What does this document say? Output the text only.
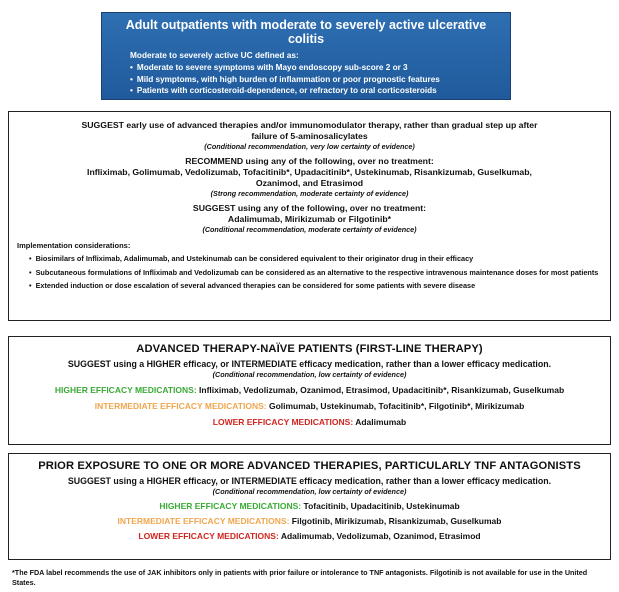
Adult outpatients with moderate to severely active ulcerative colitis
Moderate to severely active UC defined as:
• Moderate to severe symptoms with Mayo endoscopy sub-score 2 or 3
• Mild symptoms, with high burden of inflammation or poor prognostic features
• Patients with corticosteroid-dependence, or refractory to oral corticosteroids
SUGGEST early use of advanced therapies and/or immunomodulator therapy, rather than gradual step up after
failure of 5-aminosalicylates
(Conditional recommendation, very low certainty of evidence)
RECOMMEND using any of the following, over no treatment:
Infliximab, Golimumab, Vedolizumab, Tofacitinib*, Upadacitinib*, Ustekinumab, Risankizumab, Guselkumab,
Ozanimod, and Etrasimod
(Strong recommendation, moderate certainty of evidence)
SUGGEST using any of the following, over no treatment:
Adalimumab, Mirikizumab or Filgotinib*
(Conditional recommendation, moderate certainty of evidence)
Implementation considerations:
• Biosimilars of Infliximab, Adalimumab, and Ustekinumab can be considered equivalent to their originator drug in their efficacy
• Subcutaneous formulations of Infliximab and Vedolizumab can be considered as an alternative to the respective intravenous maintenance doses for most patients
• Extended induction or dose escalation of several advanced therapies can be considered for some patients with severe disease
ADVANCED THERAPY-NAÏVE PATIENTS (FIRST-LINE THERAPY)
SUGGEST using a HIGHER efficacy, or INTERMEDIATE efficacy medication, rather than a lower efficacy medication.
(Conditional recommendation, low certainty of evidence)
HIGHER EFFICACY MEDICATIONS: Infliximab, Vedolizumab, Ozanimod, Etrasimod, Upadacitinib*, Risankizumab, Guselkumab
INTERMEDIATE EFFICACY MEDICATIONS: Golimumab, Ustekinumab, Tofacitinib*, Filgotinib*, Mirikizumab
LOWER EFFICACY MEDICATIONS: Adalimumab
PRIOR EXPOSURE TO ONE OR MORE ADVANCED THERAPIES, PARTICULARLY TNF ANTAGONISTS
SUGGEST using a HIGHER efficacy, or INTERMEDIATE efficacy medication, rather than a lower efficacy medication.
(Conditional recommendation, low certainty of evidence)
HIGHER EFFICACY MEDICATIONS: Tofacitinib, Upadacitinib, Ustekinumab
INTERMEDIATE EFFICACY MEDICATIONS: Filgotinib, Mirikizumab, Risankizumab, Guselkumab
LOWER EFFICACY MEDICATIONS: Adalimumab, Vedolizumab, Ozanimod, Etrasimod
*The FDA label recommends the use of JAK inhibitors only in patients with prior failure or intolerance to TNF antagonists. Filgotinib is not available for use in the United States.
